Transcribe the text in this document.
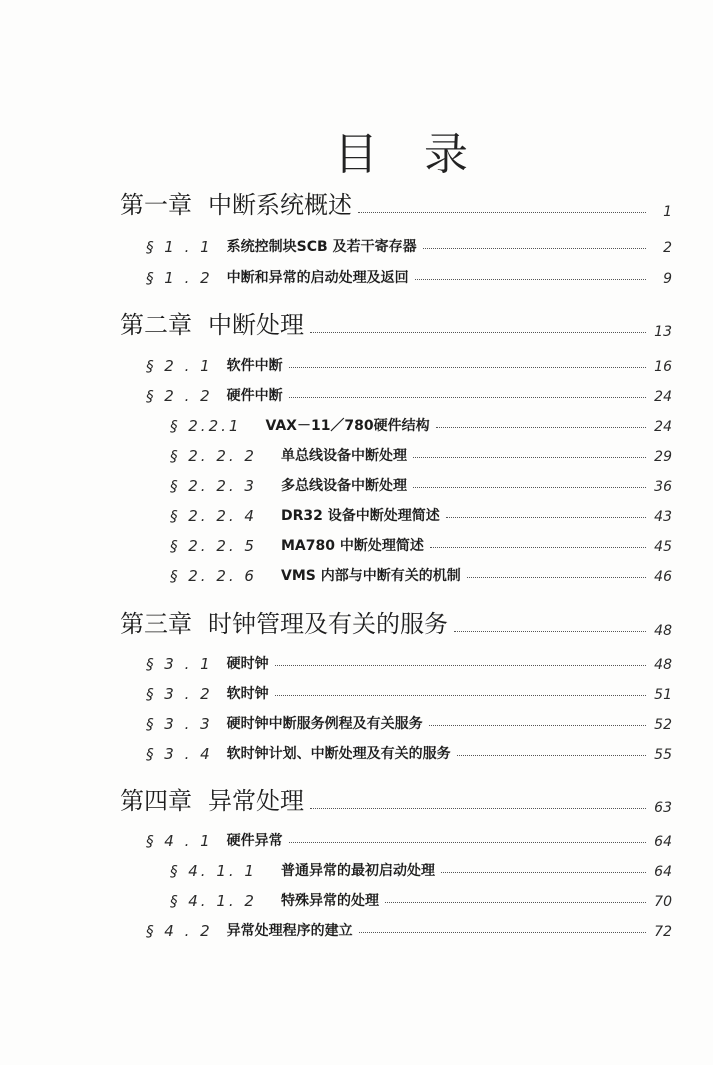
目 录
第一章 中断系统概述	1
§ 1 . 1 系统控制块SCB 及若干寄存器	2
§ 1 . 2 中断和异常的启动处理及返回	9
第二章 中断处理	13
§ 2 . 1 软件中断	16
§ 2 . 2 硬件中断	24
§ 2.2.1 VAX－11／780硬件结构	24
§ 2. 2. 2 单总线设备中断处理	29
§ 2. 2. 3 多总线设备中断处理	36
§ 2. 2. 4 DR32 设备中断处理简述	43
§ 2. 2. 5 MA780 中断处理简述	45
§ 2. 2. 6 VMS 内部与中断有关的机制	46
第三章 时钟管理及有关的服务	48
§ 3 . 1 硬时钟	48
§ 3 . 2 软时钟	51
§ 3 . 3 硬时钟中断服务例程及有关服务	52
§ 3 . 4 软时钟计划、中断处理及有关的服务	55
第四章 异常处理	63
§ 4 . 1 硬件异常	64
§ 4. 1. 1 普通异常的最初启动处理	64
§ 4. 1. 2 特殊异常的处理	70
§ 4 . 2 异常处理程序的建立	72
